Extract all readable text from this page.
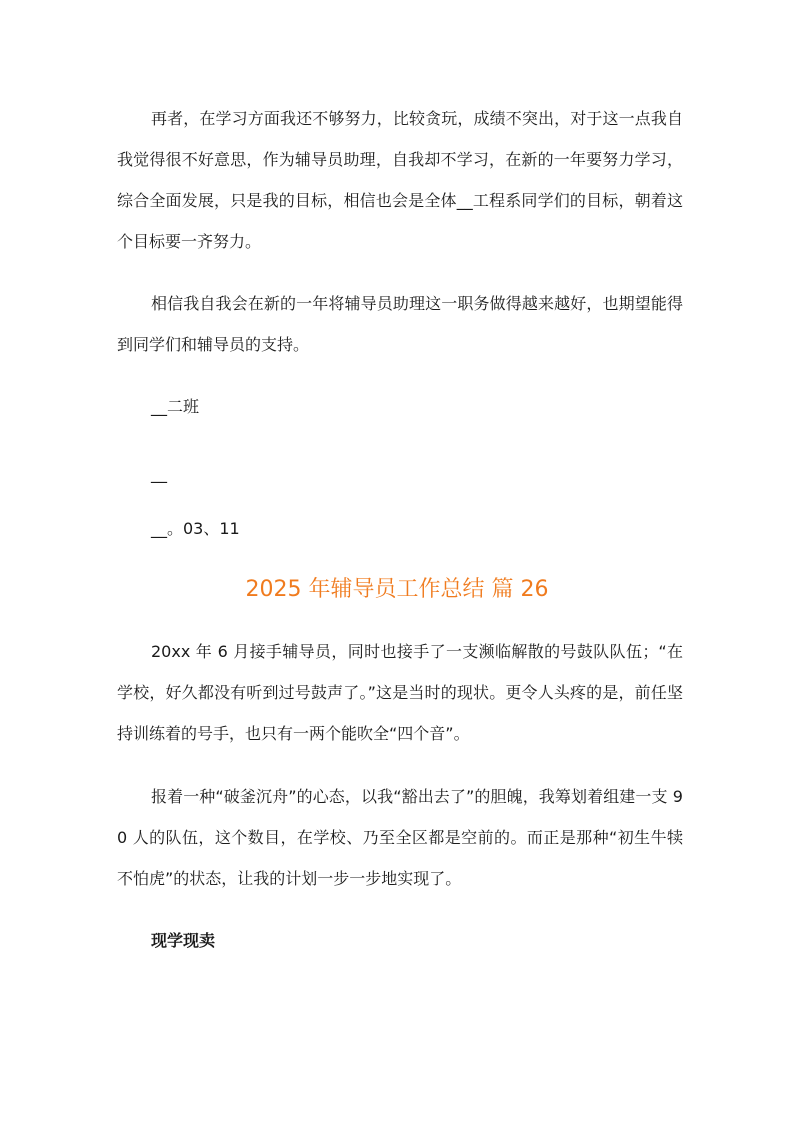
再者，在学习方面我还不够努力，比较贪玩，成绩不突出，对于这一点我自我觉得很不好意思，作为辅导员助理，自我却不学习，在新的一年要努力学习，综合全面发展，只是我的目标，相信也会是全体__工程系同学们的目标，朝着这个目标要一齐努力。

相信我自我会在新的一年将辅导员助理这一职务做得越来越好，也期望能得到同学们和辅导员的支持。

__二班
__
__。03、11
2025 年辅导员工作总结 篇 26

20xx 年 6 月接手辅导员，同时也接手了一支濒临解散的号鼓队队伍；“在学校，好久都没有听到过号鼓声了。”这是当时的现状。更令人头疼的是，前任坚持训练着的号手，也只有一两个能吹全“四个音”。

报着一种“破釜沉舟”的心态，以我“豁出去了”的胆魄，我筹划着组建一支 90 人的队伍，这个数目，在学校、乃至全区都是空前的。而正是那种“初生牛犊不怕虎”的状态，让我的计划一步一步地实现了。

现学现卖
